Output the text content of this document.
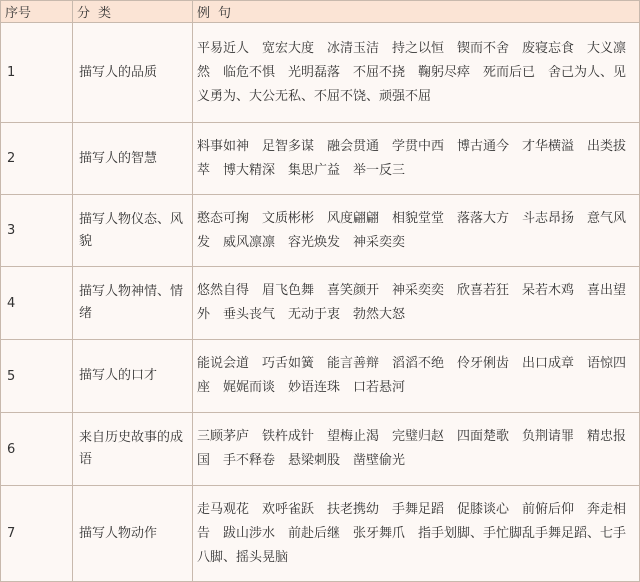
序号	分类	例句
1	描写人的品质	平易近人　宽宏大度　冰清玉洁　持之以恒　锲而不舍　废寝忘食　大义凛然　临危不惧　光明磊落　不屈不挠　鞠躬尽瘁　死而后已　舍己为人、见义勇为、大公无私、不屈不饶、顽强不屈
2	描写人的智慧	料事如神　足智多谋　融会贯通　学贯中西　博古通今　才华横溢　出类拔萃　博大精深　集思广益　举一反三
3	描写人物仪态、风貌	憨态可掬　文质彬彬　风度翩翩　相貌堂堂　落落大方　斗志昂扬　意气风发　威风凛凛　容光焕发　神采奕奕
4	描写人物神情、情绪	悠然自得　眉飞色舞　喜笑颜开　神采奕奕　欣喜若狂　呆若木鸡　喜出望外　垂头丧气　无动于衷　勃然大怒
5	描写人的口才	能说会道　巧舌如簧　能言善辩　滔滔不绝　伶牙俐齿　出口成章　语惊四座　娓娓而谈　妙语连珠　口若悬河
6	来自历史故事的成语	三顾茅庐　铁杵成针　望梅止渴　完璧归赵　四面楚歌　负荆请罪　精忠报国　手不释卷　悬梁刺股　凿壁偷光
7	描写人物动作	走马观花　欢呼雀跃　扶老携幼　手舞足蹈　促膝谈心　前俯后仰　奔走相告　跋山涉水　前赴后继　张牙舞爪　指手划脚、手忙脚乱手舞足蹈、七手八脚、摇头晃脑
